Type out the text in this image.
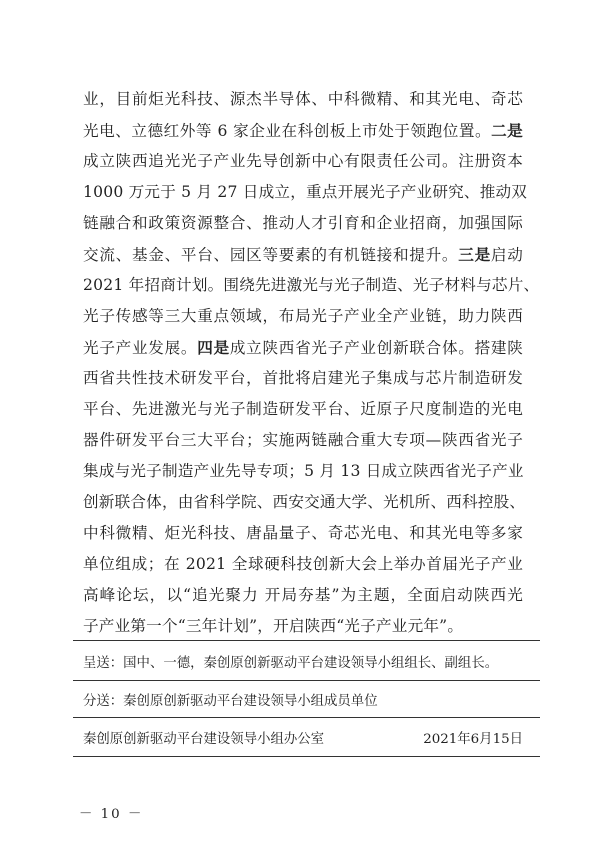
业，目前炬光科技、源杰半导体、中科微精、和其光电、奇芯
光电、立德红外等 6 家企业在科创板上市处于领跑位置。二是
成立陕西追光光子产业先导创新中心有限责任公司。注册资本
1000 万元于 5 月 27 日成立，重点开展光子产业研究、推动双
链融合和政策资源整合、推动人才引育和企业招商，加强国际
交流、基金、平台、园区等要素的有机链接和提升。三是启动
2021 年招商计划。围绕先进激光与光子制造、光子材料与芯片、
光子传感等三大重点领域，布局光子产业全产业链，助力陕西
光子产业发展。四是成立陕西省光子产业创新联合体。搭建陕
西省共性技术研发平台，首批将启建光子集成与芯片制造研发
平台、先进激光与光子制造研发平台、近原子尺度制造的光电
器件研发平台三大平台；实施两链融合重大专项—陕西省光子
集成与光子制造产业先导专项；5 月 13 日成立陕西省光子产业
创新联合体，由省科学院、西安交通大学、光机所、西科控股、
中科微精、炬光科技、唐晶量子、奇芯光电、和其光电等多家
单位组成；在 2021 全球硬科技创新大会上举办首届光子产业
高峰论坛，以“追光聚力 开局夯基”为主题，全面启动陕西光
子产业第一个“三年计划”，开启陕西“光子产业元年”。
呈送：国中、一德，秦创原创新驱动平台建设领导小组组长、副组长。
分送：秦创原创新驱动平台建设领导小组成员单位
秦创原创新驱动平台建设领导小组办公室	2021年6月15日
－ 10 －
